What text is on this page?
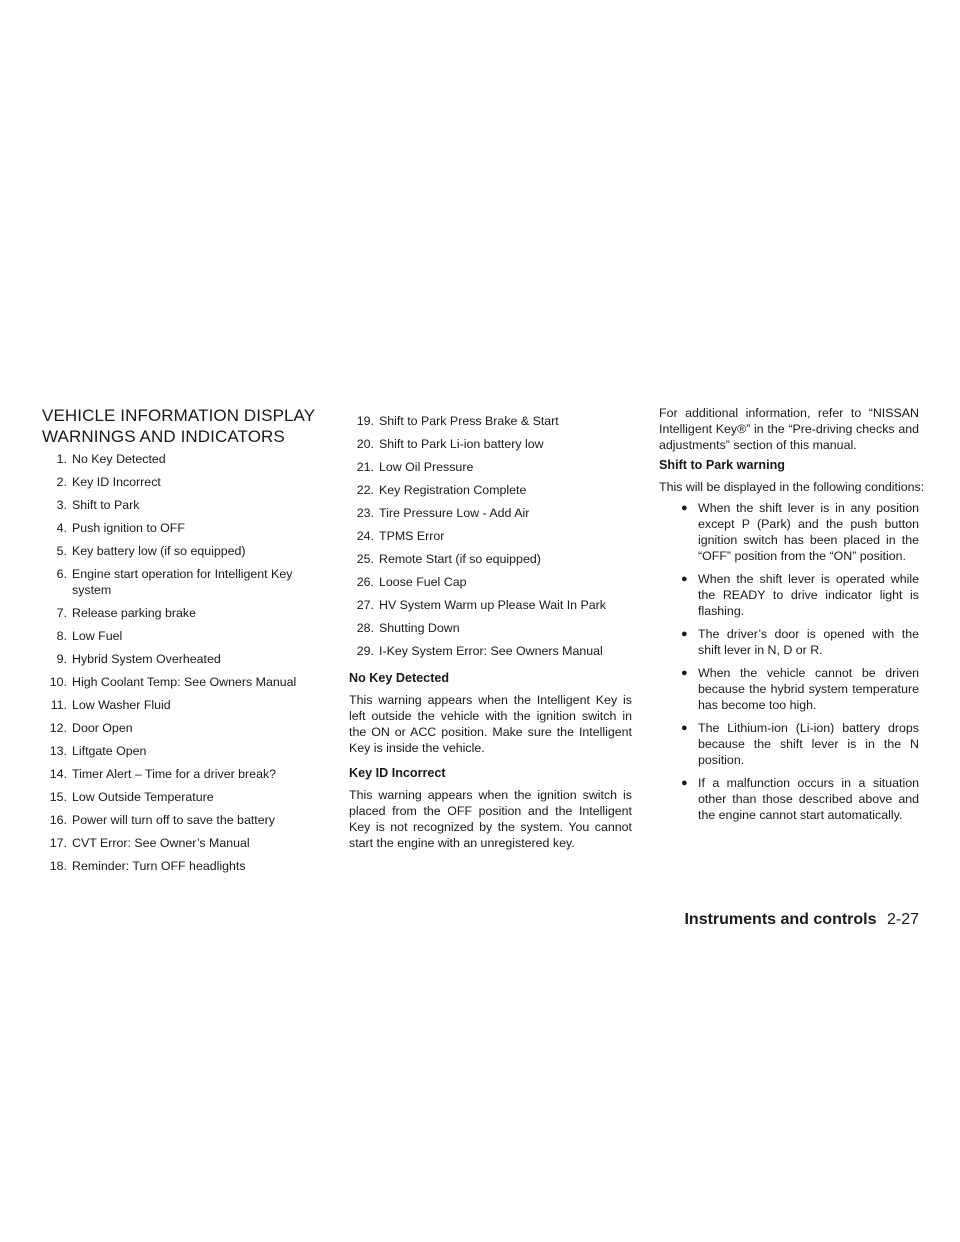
VEHICLE INFORMATION DISPLAY
WARNINGS AND INDICATORS
1. No Key Detected
2. Key ID Incorrect
3. Shift to Park
4. Push ignition to OFF
5. Key battery low (if so equipped)
6. Engine start operation for Intelligent Key system
7. Release parking brake
8. Low Fuel
9. Hybrid System Overheated
10. High Coolant Temp: See Owners Manual
11. Low Washer Fluid
12. Door Open
13. Liftgate Open
14. Timer Alert – Time for a driver break?
15. Low Outside Temperature
16. Power will turn off to save the battery
17. CVT Error: See Owner’s Manual
18. Reminder: Turn OFF headlights
19. Shift to Park Press Brake & Start
20. Shift to Park Li-ion battery low
21. Low Oil Pressure
22. Key Registration Complete
23. Tire Pressure Low - Add Air
24. TPMS Error
25. Remote Start (if so equipped)
26. Loose Fuel Cap
27. HV System Warm up Please Wait In Park
28. Shutting Down
29. I-Key System Error: See Owners Manual
No Key Detected

This warning appears when the Intelligent Key is left outside the vehicle with the ignition switch in the ON or ACC position. Make sure the Intelligent Key is inside the vehicle.

Key ID Incorrect

This warning appears when the ignition switch is placed from the OFF position and the Intelligent Key is not recognized by the system. You cannot start the engine with an unregistered key.

For additional information, refer to “NISSAN Intelligent Key®” in the “Pre-driving checks and adjustments” section of this manual.

Shift to Park warning

This will be displayed in the following conditions:

● When the shift lever is in any position except P (Park) and the push button ignition switch has been placed in the “OFF” position from the “ON” position.
● When the shift lever is operated while the READY to drive indicator light is flashing.
● The driver’s door is opened with the shift lever in N, D or R.
● When the vehicle cannot be driven because the hybrid system temperature has become too high.
● The Lithium-ion (Li-ion) battery drops because the shift lever is in the N position.
● If a malfunction occurs in a situation other than those described above and the engine cannot start automatically.
Instruments and controls 2-27
